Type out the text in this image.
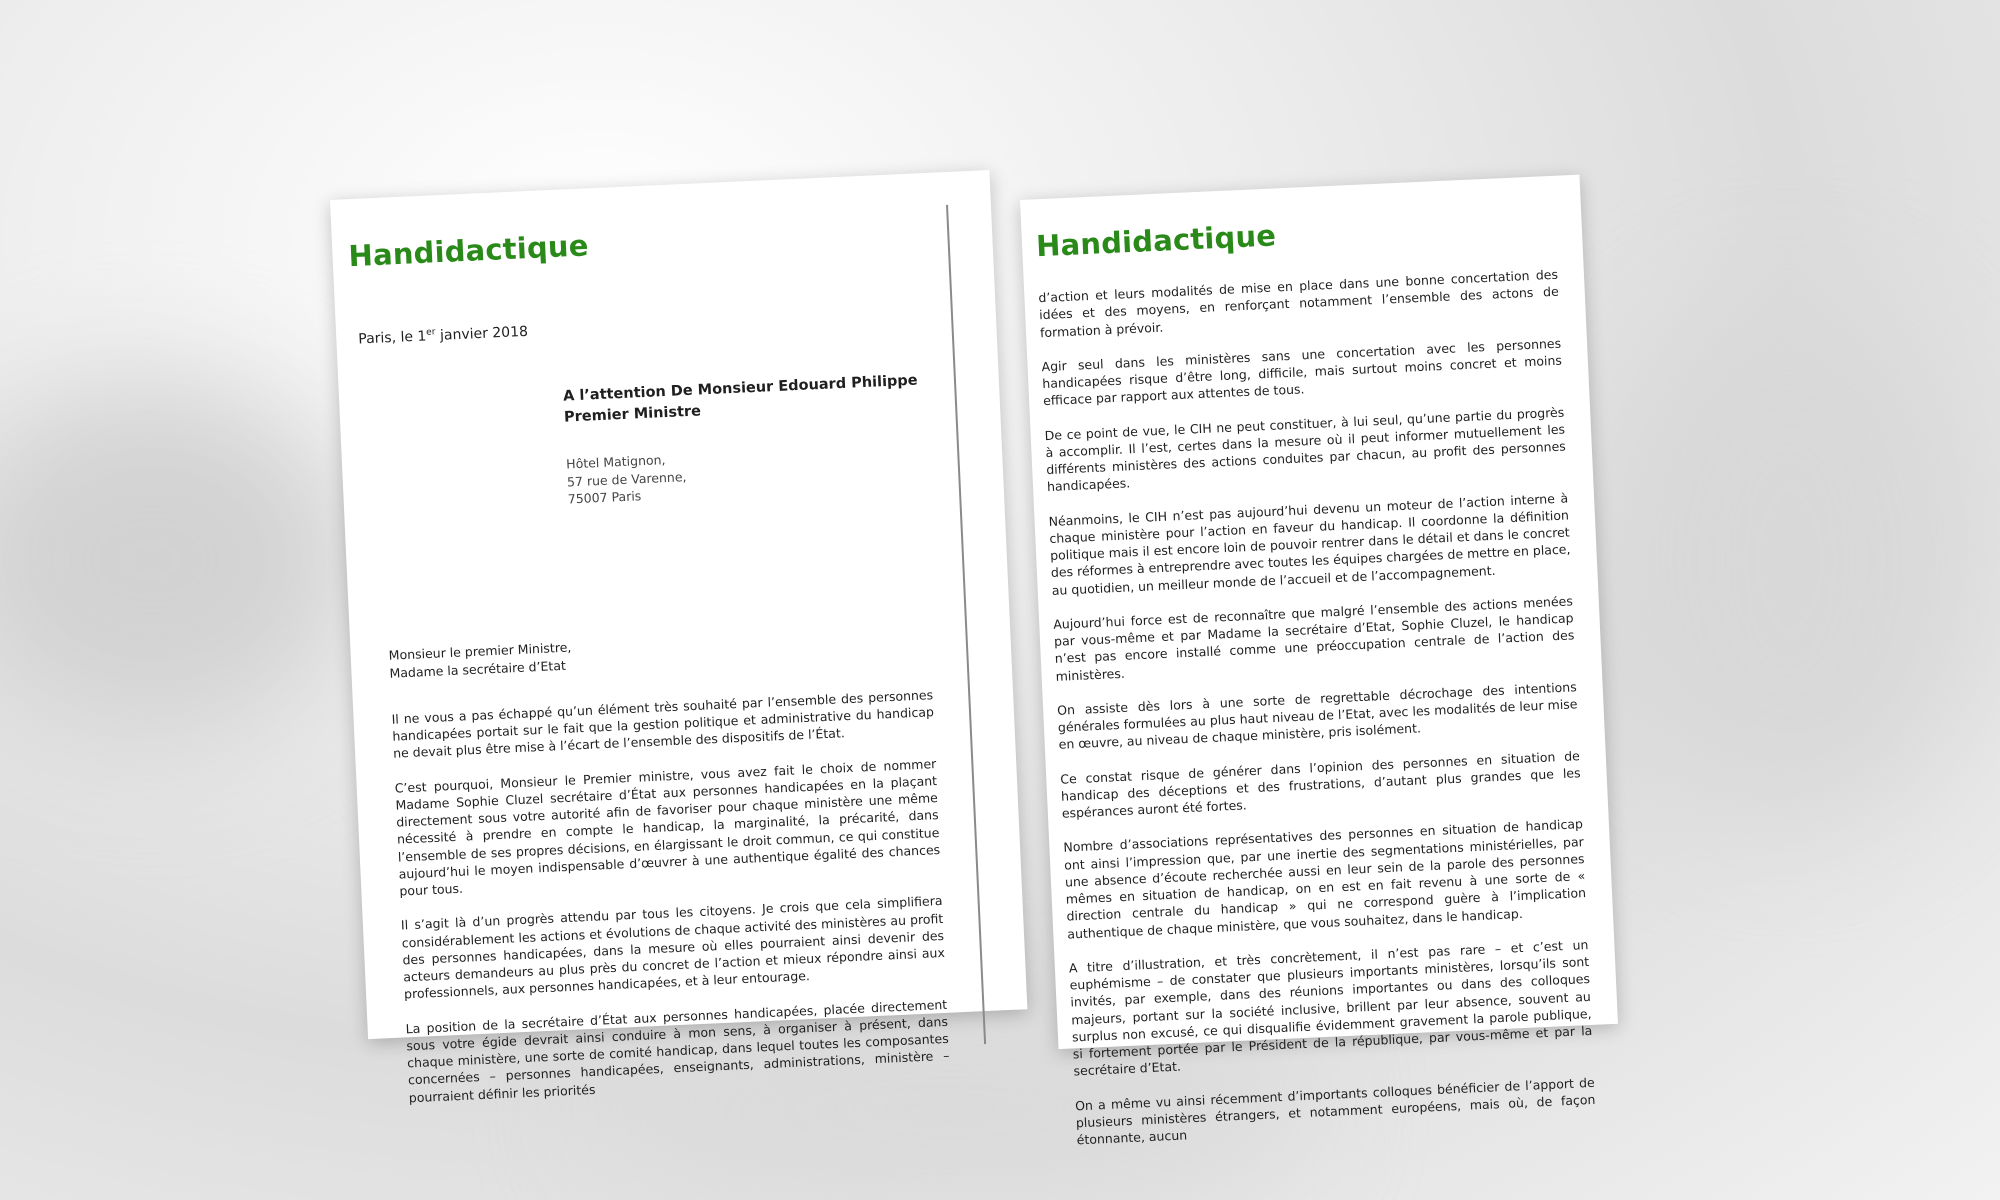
Handidactique
Paris, le 1er janvier 2018
A l’attention De Monsieur Edouard Philippe
Premier Ministre
Hôtel Matignon,
57 rue de Varenne,
75007 Paris
Monsieur le premier Ministre,
Madame la secrétaire d’Etat

Il ne vous a pas échappé qu’un élément très souhaité par l’ensemble des personnes handicapées portait sur le fait que la gestion politique et administrative du handicap ne devait plus être mise à l’écart de l’ensemble des dispositifs de l’État.

C’est pourquoi, Monsieur le Premier ministre, vous avez fait le choix de nommer Madame Sophie Cluzel secrétaire d’État aux personnes handicapées en la plaçant directement sous votre autorité afin de favoriser pour chaque ministère une même nécessité à prendre en compte le handicap, la marginalité, la précarité, dans l’ensemble de ses propres décisions, en élargissant le droit commun, ce qui constitue aujourd’hui le moyen indispensable d’œuvrer à une authentique égalité des chances pour tous.

Il s’agit là d’un progrès attendu par tous les citoyens. Je crois que cela simplifiera considérablement les actions et évolutions de chaque activité des ministères au profit des personnes handicapées, dans la mesure où elles pourraient ainsi devenir des acteurs demandeurs au plus près du concret de l’action et mieux répondre ainsi aux professionnels, aux personnes handicapées, et à leur entourage.

La position de la secrétaire d’État aux personnes handicapées, placée directement sous votre égide devrait ainsi conduire à mon sens, à organiser à présent, dans chaque ministère, une sorte de comité handicap, dans lequel toutes les composantes concernées – personnes handicapées, enseignants, administrations, ministère – pourraient définir les priorités

Handidactique

d’action et leurs modalités de mise en place dans une bonne concertation des idées et des moyens, en renforçant notamment l’ensemble des actons de formation à prévoir.

Agir seul dans les ministères sans une concertation avec les personnes handicapées risque d’être long, difficile, mais surtout moins concret et moins efficace par rapport aux attentes de tous.

De ce point de vue, le CIH ne peut constituer, à lui seul, qu’une partie du progrès à accomplir. Il l’est, certes dans la mesure où il peut informer mutuellement les différents ministères des actions conduites par chacun, au profit des personnes handicapées.

Néanmoins, le CIH n’est pas aujourd’hui devenu un moteur de l’action interne à chaque ministère pour l’action en faveur du handicap. Il coordonne la définition politique mais il est encore loin de pouvoir rentrer dans le détail et dans le concret des réformes à entreprendre avec toutes les équipes chargées de mettre en place, au quotidien, un meilleur monde de l’accueil et de l’accompagnement.

Aujourd’hui force est de reconnaître que malgré l’ensemble des actions menées par vous-même et par Madame la secrétaire d’Etat, Sophie Cluzel, le handicap n’est pas encore installé comme une préoccupation centrale de l’action des ministères.

On assiste dès lors à une sorte de regrettable décrochage des intentions générales formulées au plus haut niveau de l’Etat, avec les modalités de leur mise en œuvre, au niveau de chaque ministère, pris isolément.

Ce constat risque de générer dans l’opinion des personnes en situation de handicap des déceptions et des frustrations, d’autant plus grandes que les espérances auront été fortes.

Nombre d’associations représentatives des personnes en situation de handicap ont ainsi l’impression que, par une inertie des segmentations ministérielles, par une absence d’écoute recherchée aussi en leur sein de la parole des personnes mêmes en situation de handicap, on en est en fait revenu à une sorte de « direction centrale du handicap » qui ne correspond guère à l’implication authentique de chaque ministère, que vous souhaitez, dans le handicap.

A titre d’illustration, et très concrètement, il n’est pas rare – et c’est un euphémisme – de constater que plusieurs importants ministères, lorsqu’ils sont invités, par exemple, dans des réunions importantes ou dans des colloques majeurs, portant sur la société inclusive, brillent par leur absence, souvent au surplus non excusé, ce qui disqualifie évidemment gravement la parole publique, si fortement portée par le Président de la république, par vous-même et par la secrétaire d’Etat.

On a même vu ainsi récemment d’importants colloques bénéficier de l’apport de plusieurs ministères étrangers, et notamment européens, mais où, de façon étonnante, aucun
